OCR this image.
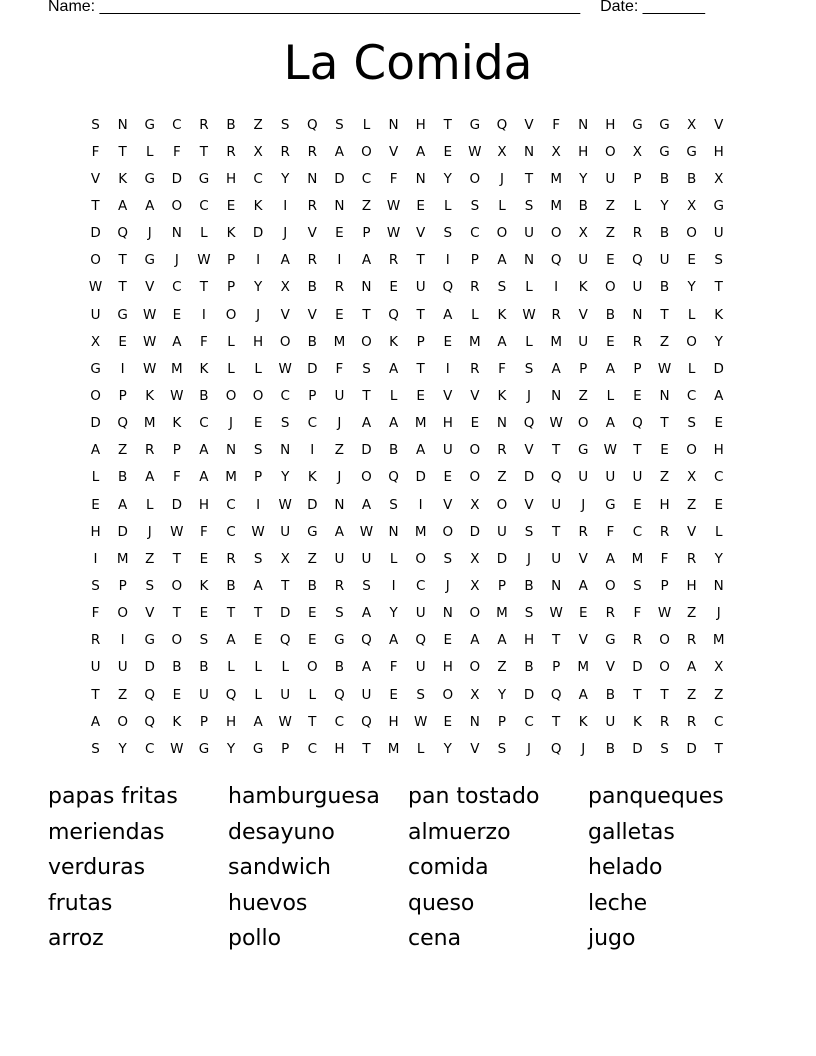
Name: ______________________________________________________ Date: _______
La Comida
S	N	G	C	R	B	Z	S	Q	S	L	N	H	T	G	Q	V	F	N	H	G	G	X	V
F	T	L	F	T	R	X	R	R	A	O	V	A	E	W	X	N	X	H	O	X	G	G	H
V	K	G	D	G	H	C	Y	N	D	C	F	N	Y	O	J	T	M	Y	U	P	B	B	X
T	A	A	O	C	E	K	I	R	N	Z	W	E	L	S	L	S	M	B	Z	L	Y	X	G
D	Q	J	N	L	K	D	J	V	E	P	W	V	S	C	O	U	O	X	Z	R	B	O	U
O	T	G	J	W	P	I	A	R	I	A	R	T	I	P	A	N	Q	U	E	Q	U	E	S
W	T	V	C	T	P	Y	X	B	R	N	E	U	Q	R	S	L	I	K	O	U	B	Y	T
U	G	W	E	I	O	J	V	V	E	T	Q	T	A	L	K	W	R	V	B	N	T	L	K
X	E	W	A	F	L	H	O	B	M	O	K	P	E	M	A	L	M	U	E	R	Z	O	Y
G	I	W	M	K	L	L	W	D	F	S	A	T	I	R	F	S	A	P	A	P	W	L	D
O	P	K	W	B	O	O	C	P	U	T	L	E	V	V	K	J	N	Z	L	E	N	C	A
D	Q	M	K	C	J	E	S	C	J	A	A	M	H	E	N	Q	W	O	A	Q	T	S	E
A	Z	R	P	A	N	S	N	I	Z	D	B	A	U	O	R	V	T	G	W	T	E	O	H
L	B	A	F	A	M	P	Y	K	J	O	Q	D	E	O	Z	D	Q	U	U	U	Z	X	C
E	A	L	D	H	C	I	W	D	N	A	S	I	V	X	O	V	U	J	G	E	H	Z	E
H	D	J	W	F	C	W	U	G	A	W	N	M	O	D	U	S	T	R	F	C	R	V	L
I	M	Z	T	E	R	S	X	Z	U	U	L	O	S	X	D	J	U	V	A	M	F	R	Y
S	P	S	O	K	B	A	T	B	R	S	I	C	J	X	P	B	N	A	O	S	P	H	N
F	O	V	T	E	T	T	D	E	S	A	Y	U	N	O	M	S	W	E	R	F	W	Z	J
R	I	G	O	S	A	E	Q	E	G	Q	A	Q	E	A	A	H	T	V	G	R	O	R	M
U	U	D	B	B	L	L	L	O	B	A	F	U	H	O	Z	B	P	M	V	D	O	A	X
T	Z	Q	E	U	Q	L	U	L	Q	U	E	S	O	X	Y	D	Q	A	B	T	T	Z	Z
A	O	Q	K	P	H	A	W	T	C	Q	H	W	E	N	P	C	T	K	U	K	R	R	C
S	Y	C	W	G	Y	G	P	C	H	T	M	L	Y	V	S	J	Q	J	B	D	S	D	T
papas fritas	hamburguesa	pan tostado	panqueques
meriendas	desayuno	almuerzo	galletas
verduras	sandwich	comida	helado
frutas	huevos	queso	leche
arroz	pollo	cena	jugo
